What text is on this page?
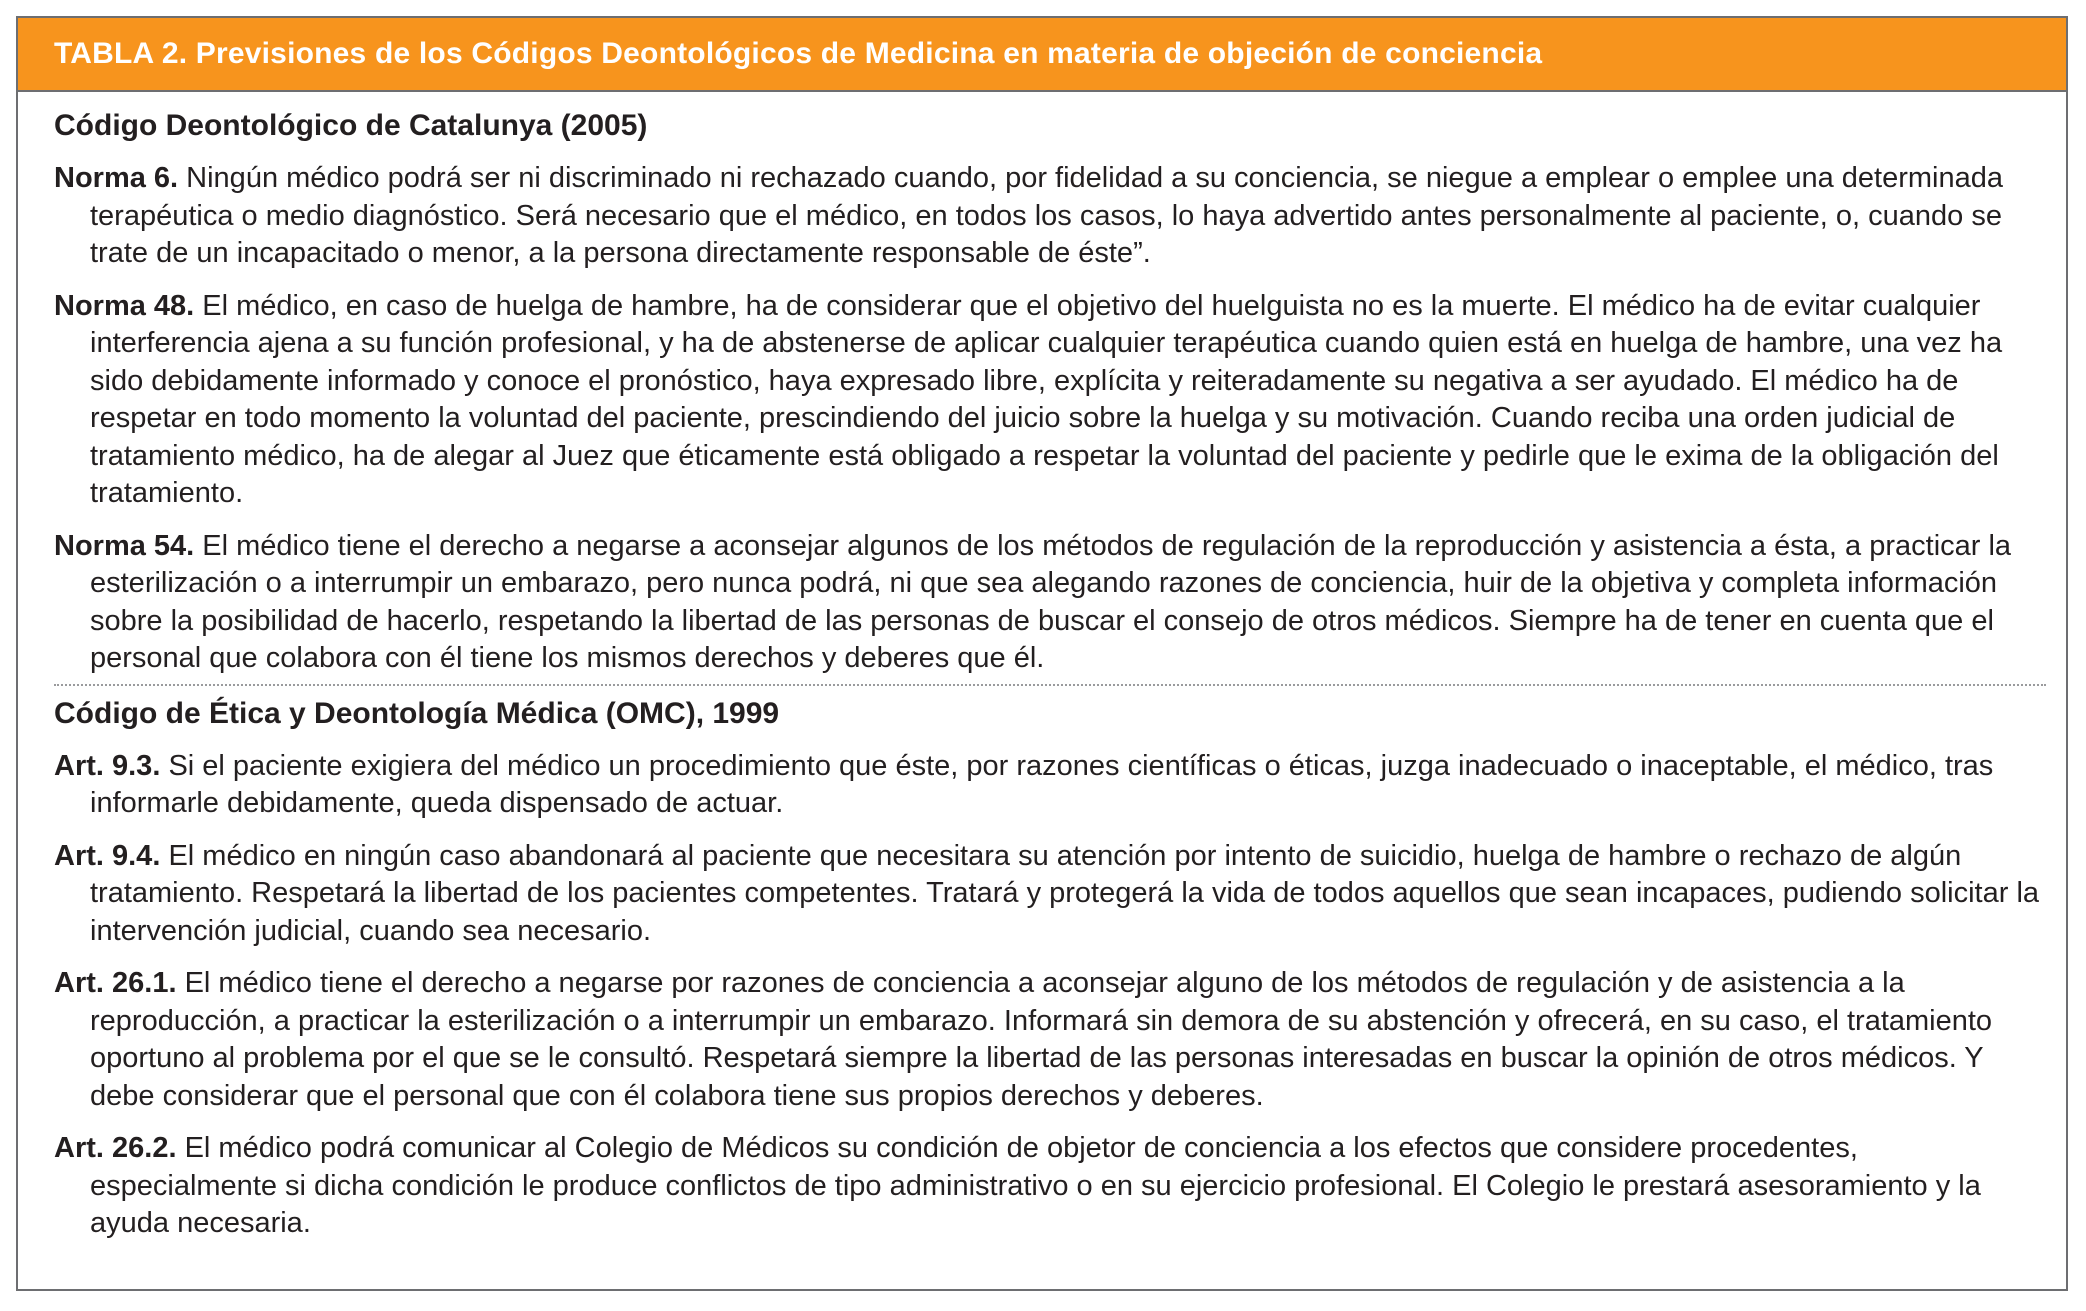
TABLA 2. Previsiones de los Códigos Deontológicos de Medicina en materia de objeción de conciencia
Código Deontológico de Catalunya (2005)

Norma 6. Ningún médico podrá ser ni discriminado ni rechazado cuando, por fidelidad a su conciencia, se niegue a emplear o emplee una determinada terapéutica o medio diagnóstico. Será necesario que el médico, en todos los casos, lo haya advertido antes personalmente al paciente, o, cuando se trate de un incapacitado o menor, a la persona directamente responsable de éste”.

Norma 48. El médico, en caso de huelga de hambre, ha de considerar que el objetivo del huelguista no es la muerte. El médico ha de evitar cualquier interferencia ajena a su función profesional, y ha de abstenerse de aplicar cualquier terapéutica cuando quien está en huelga de hambre, una vez ha sido debidamente informado y conoce el pronóstico, haya expresado libre, explícita y reiteradamente su negativa a ser ayudado. El médico ha de respetar en todo momento la voluntad del paciente, prescindiendo del juicio sobre la huelga y su motivación. Cuando reciba una orden judicial de tratamiento médico, ha de alegar al Juez que éticamente está obligado a respetar la voluntad del paciente y pedirle que le exima de la obligación del tratamiento.

Norma 54. El médico tiene el derecho a negarse a aconsejar algunos de los métodos de regulación de la reproducción y asistencia a ésta, a practicar la esterilización o a interrumpir un embarazo, pero nunca podrá, ni que sea alegando razones de conciencia, huir de la objetiva y completa información sobre la posibilidad de hacerlo, respetando la libertad de las personas de buscar el consejo de otros médicos. Siempre ha de tener en cuenta que el personal que colabora con él tiene los mismos derechos y deberes que él.

Código de Ética y Deontología Médica (OMC), 1999

Art. 9.3. Si el paciente exigiera del médico un procedimiento que éste, por razones científicas o éticas, juzga inadecuado o inaceptable, el médico, tras informarle debidamente, queda dispensado de actuar.

Art. 9.4. El médico en ningún caso abandonará al paciente que necesitara su atención por intento de suicidio, huelga de hambre o rechazo de algún tratamiento. Respetará la libertad de los pacientes competentes. Tratará y protegerá la vida de todos aquellos que sean incapaces, pudiendo solicitar la intervención judicial, cuando sea necesario.

Art. 26.1. El médico tiene el derecho a negarse por razones de conciencia a aconsejar alguno de los métodos de regulación y de asistencia a la reproducción, a practicar la esterilización o a interrumpir un embarazo. Informará sin demora de su abstención y ofrecerá, en su caso, el tratamiento oportuno al problema por el que se le consultó. Respetará siempre la libertad de las personas interesadas en buscar la opinión de otros médicos. Y debe considerar que el personal que con él colabora tiene sus propios derechos y deberes.

Art. 26.2. El médico podrá comunicar al Colegio de Médicos su condición de objetor de conciencia a los efectos que considere procedentes, especialmente si dicha condición le produce conflictos de tipo administrativo o en su ejercicio profesional. El Colegio le prestará asesoramiento y la ayuda necesaria.
